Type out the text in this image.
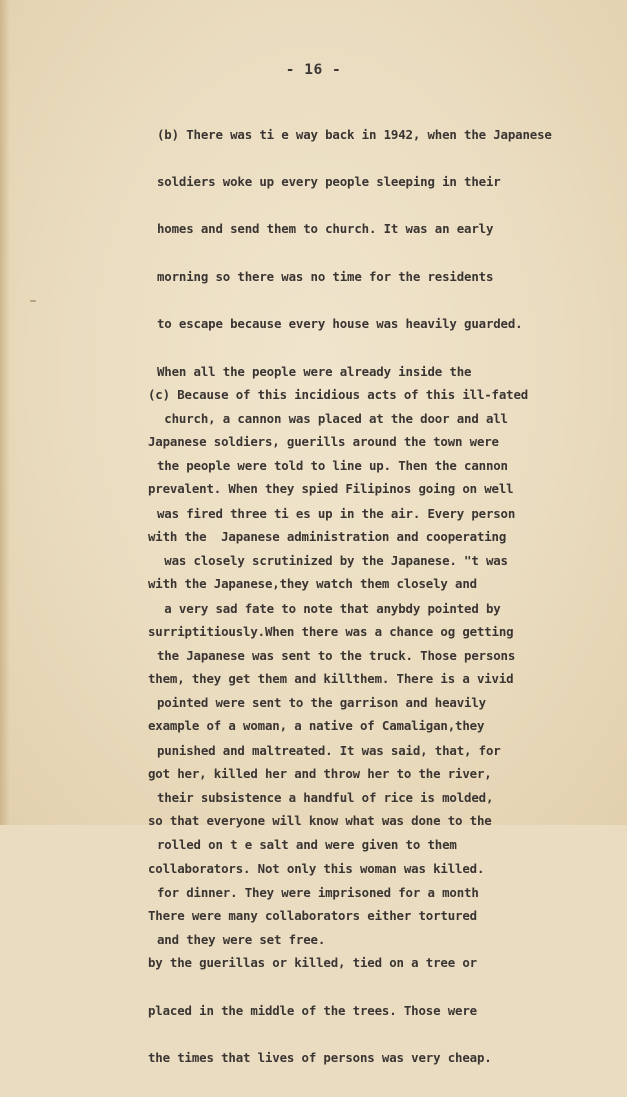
- 16 -

(b) There was ti e way back in 1942, when the Japanese

soldiers woke up every people sleeping in their

homes and send them to church. It was an early

morning so there was no time for the residents

to escape because every house was heavily guarded.

When all the people were already inside the

church, a cannon was placed at the door and all

the people were told to line up. Then the cannon

was fired three ti es up in the air. Every person

was closely scrutinized by the Japanese. "t was

a very sad fate to note that anybdy pointed by

the Japanese was sent to the truck. Those persons

pointed were sent to the garrison and heavily

punished and maltreated. It was said, that, for

their subsistence a handful of rice is molded,

rolled on t e salt and were given to them

for dinner. They were imprisoned for a month

and they were set free.

(c) Because of this incidious acts of this ill-fated

Japanese soldiers, guerills around the town were

prevalent. When they spied Filipinos going on well

with the  Japanese administration and cooperating

with the Japanese,they watch them closely and

surriptitiously.When there was a chance og getting

them, they get them and killthem. There is a vivid

example of a woman, a native of Camaligan,they

got her, killed her and throw her to the river,

so that everyone will know what was done to the

collaborators. Not only this woman was killed.

There were many collaborators either tortured

by the guerillas or killed, tied on a tree or

placed in the middle of the trees. Those were

the times that lives of persons was very cheap.
